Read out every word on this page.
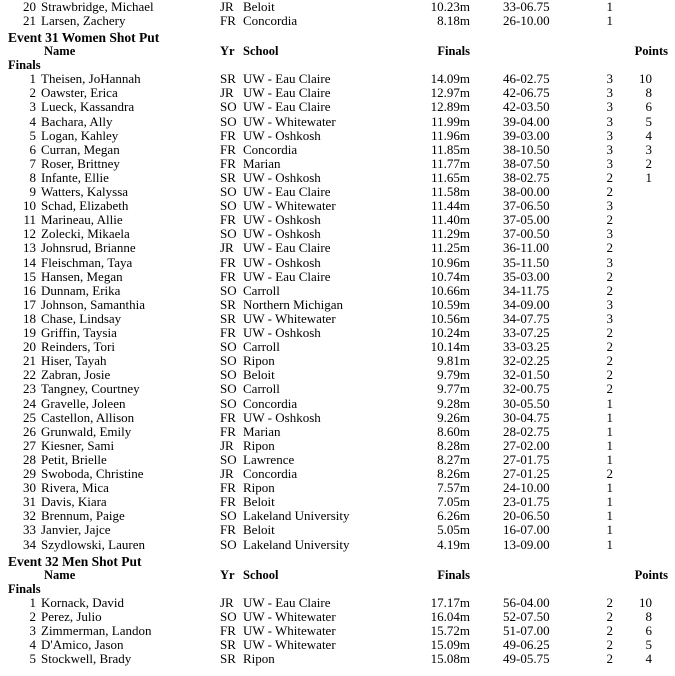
20 Strawbridge, Michael	JR Beloit	10.23m	33-06.75	1
21 Larsen, Zachery	FR Concordia	8.18m	26-10.00	1
Event 31 Women Shot Put
Name	Yr School	Finals	Points
Finals
1 Theisen, JoHannah	SR UW - Eau Claire	14.09m	46-02.75	3	10
2 Oawster, Erica	JR UW - Eau Claire	12.97m	42-06.75	3	8
3 Lueck, Kassandra	SO UW - Eau Claire	12.89m	42-03.50	3	6
4 Bachara, Ally	SO UW - Whitewater	11.99m	39-04.00	3	5
5 Logan, Kahley	FR UW - Oshkosh	11.96m	39-03.00	3	4
6 Curran, Megan	FR Concordia	11.85m	38-10.50	3	3
7 Roser, Brittney	FR Marian	11.77m	38-07.50	3	2
8 Infante, Ellie	SR UW - Oshkosh	11.65m	38-02.75	2	1
9 Watters, Kalyssa	SO UW - Eau Claire	11.58m	38-00.00	2
10 Schad, Elizabeth	SO UW - Whitewater	11.44m	37-06.50	3
11 Marineau, Allie	FR UW - Oshkosh	11.40m	37-05.00	2
12 Zolecki, Mikaela	SO UW - Oshkosh	11.29m	37-00.50	3
13 Johnsrud, Brianne	JR UW - Eau Claire	11.25m	36-11.00	2
14 Fleischman, Taya	FR UW - Oshkosh	10.96m	35-11.50	3
15 Hansen, Megan	FR UW - Eau Claire	10.74m	35-03.00	2
16 Dunnam, Erika	SO Carroll	10.66m	34-11.75	2
17 Johnson, Samanthia	SR Northern Michigan	10.59m	34-09.00	3
18 Chase, Lindsay	SR UW - Whitewater	10.56m	34-07.75	3
19 Griffin, Taysia	FR UW - Oshkosh	10.24m	33-07.25	2
20 Reinders, Tori	SO Carroll	10.14m	33-03.25	2
21 Hiser, Tayah	SO Ripon	9.81m	32-02.25	2
22 Zabran, Josie	SO Beloit	9.79m	32-01.50	2
23 Tangney, Courtney	SO Carroll	9.77m	32-00.75	2
24 Gravelle, Joleen	SO Concordia	9.28m	30-05.50	1
25 Castellon, Allison	FR UW - Oshkosh	9.26m	30-04.75	1
26 Grunwald, Emily	FR Marian	8.60m	28-02.75	1
27 Kiesner, Sami	JR Ripon	8.28m	27-02.00	1
28 Petit, Brielle	SO Lawrence	8.27m	27-01.75	1
29 Swoboda, Christine	JR Concordia	8.26m	27-01.25	2
30 Rivera, Mica	FR Ripon	7.57m	24-10.00	1
31 Davis, Kiara	FR Beloit	7.05m	23-01.75	1
32 Brennum, Paige	SO Lakeland University	6.26m	20-06.50	1
33 Janvier, Jajce	FR Beloit	5.05m	16-07.00	1
34 Szydlowski, Lauren	SO Lakeland University	4.19m	13-09.00	1
Event 32 Men Shot Put
Name	Yr School	Finals	Points
Finals
1 Kornack, David	JR UW - Eau Claire	17.17m	56-04.00	2	10
2 Perez, Julio	SO UW - Whitewater	16.04m	52-07.50	2	8
3 Zimmerman, Landon	FR UW - Whitewater	15.72m	51-07.00	2	6
4 D'Amico, Jason	SR UW - Whitewater	15.09m	49-06.25	2	5
5 Stockwell, Brady	SR Ripon	15.08m	49-05.75	2	4
